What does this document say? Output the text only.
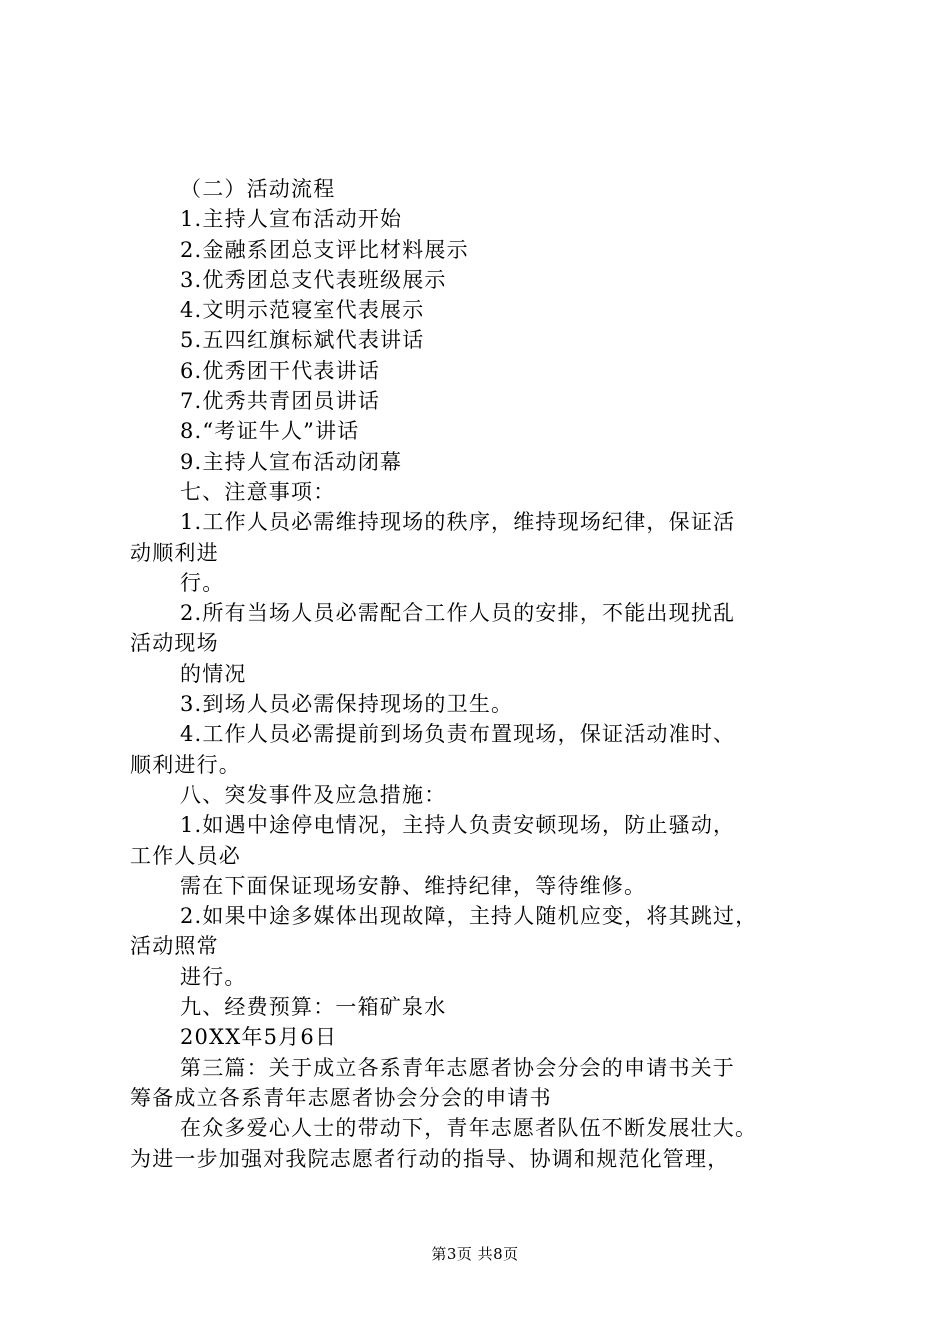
（二）活动流程
1.主持人宣布活动开始
2.金融系团总支评比材料展示
3.优秀团总支代表班级展示
4.文明示范寝室代表展示
5.五四红旗标斌代表讲话
6.优秀团干代表讲话
7.优秀共青团员讲话
8.“考证牛人”讲话
9.主持人宣布活动闭幕
七、注意事项：
1.工作人员必需维持现场的秩序，维持现场纪律，保证活
动顺利进
行。
2.所有当场人员必需配合工作人员的安排，不能出现扰乱
活动现场
的情况
3.到场人员必需保持现场的卫生。
4.工作人员必需提前到场负责布置现场，保证活动准时、
顺利进行。
八、突发事件及应急措施：
1.如遇中途停电情况，主持人负责安顿现场，防止骚动，
工作人员必
需在下面保证现场安静、维持纪律，等待维修。
2.如果中途多媒体出现故障，主持人随机应变，将其跳过，
活动照常
进行。
九、经费预算：一箱矿泉水
20XX年5月6日
第三篇：关于成立各系青年志愿者协会分会的申请书关于
筹备成立各系青年志愿者协会分会的申请书
在众多爱心人士的带动下，青年志愿者队伍不断发展壮大。
为进一步加强对我院志愿者行动的指导、协调和规范化管理，
第3页 共8页
